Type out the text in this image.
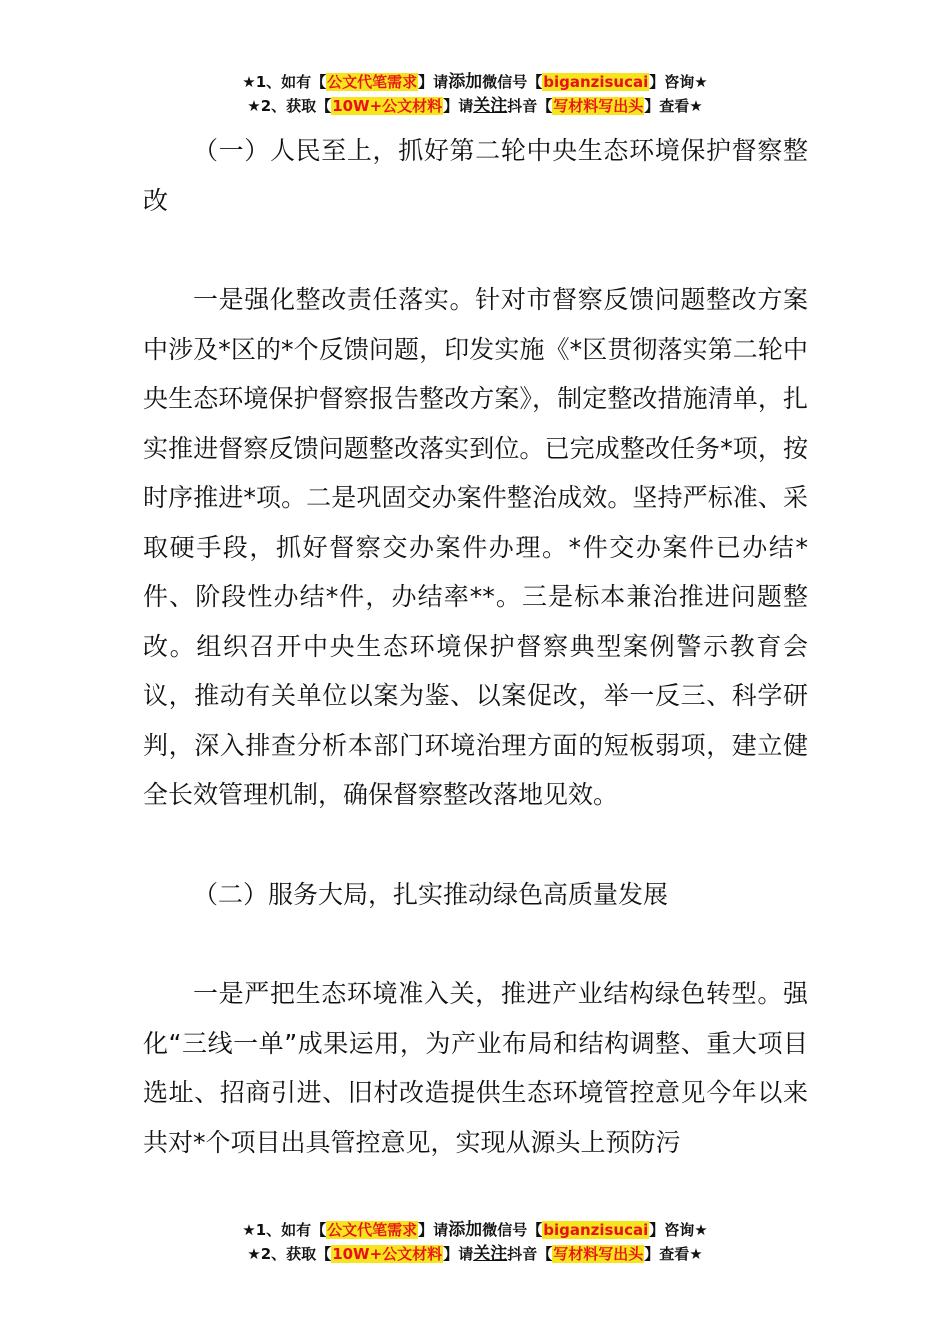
★1、如有【公文代笔需求】请添加微信号【biganzisucai】咨询★
★2、获取【10W+公文材料】请关注抖音【写材料写出头】查看★

（一）人民至上，抓好第二轮中央生态环境保护督察整改

一是强化整改责任落实。针对市督察反馈问题整改方案中涉及*区的*个反馈问题，印发实施《*区贯彻落实第二轮中央生态环境保护督察报告整改方案》，制定整改措施清单，扎实推进督察反馈问题整改落实到位。已完成整改任务*项，按时序推进*项。二是巩固交办案件整治成效。坚持严标准、采取硬手段，抓好督察交办案件办理。*件交办案件已办结*件、阶段性办结*件，办结率**。三是标本兼治推进问题整改。组织召开中央生态环境保护督察典型案例警示教育会议，推动有关单位以案为鉴、以案促改，举一反三、科学研判，深入排查分析本部门环境治理方面的短板弱项，建立健全长效管理机制，确保督察整改落地见效。

（二）服务大局，扎实推动绿色高质量发展

一是严把生态环境准入关，推进产业结构绿色转型。强化“三线一单”成果运用，为产业布局和结构调整、重大项目选址、招商引进、旧村改造提供生态环境管控意见今年以来共对*个项目出具管控意见，实现从源头上预防污

★1、如有【公文代笔需求】请添加微信号【biganzisucai】咨询★
★2、获取【10W+公文材料】请关注抖音【写材料写出头】查看★
